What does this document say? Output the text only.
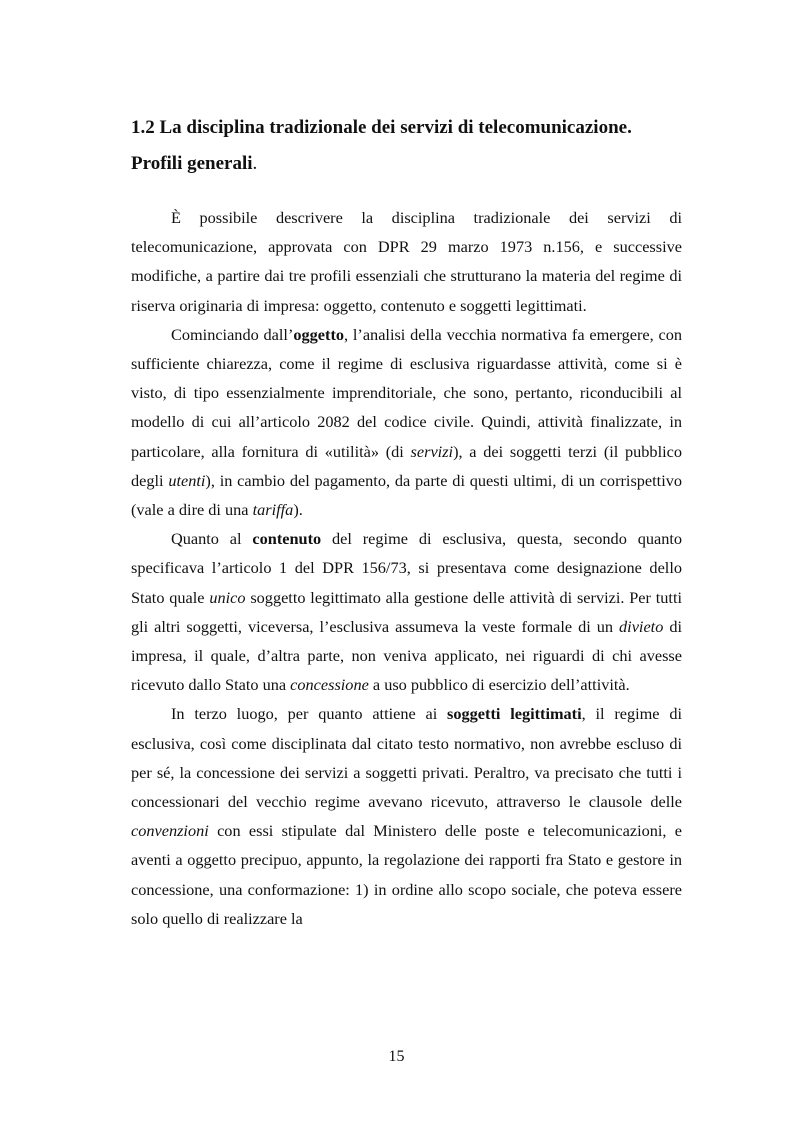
1.2 La disciplina tradizionale dei servizi di telecomunicazione. Profili generali.

È possibile descrivere la disciplina tradizionale dei servizi di telecomunicazione, approvata con DPR 29 marzo 1973 n.156, e successive modifiche, a partire dai tre profili essenziali che strutturano la materia del regime di riserva originaria di impresa: oggetto, contenuto e soggetti legittimati.

Cominciando dall’oggetto, l’analisi della vecchia normativa fa emergere, con sufficiente chiarezza, come il regime di esclusiva riguardasse attività, come si è visto, di tipo essenzialmente imprenditoriale, che sono, pertanto, riconducibili al modello di cui all’articolo 2082 del codice civile. Quindi, attività finalizzate, in particolare, alla fornitura di «utilità» (di servizi), a dei soggetti terzi (il pubblico degli utenti), in cambio del pagamento, da parte di questi ultimi, di un corrispettivo (vale a dire di una tariffa).

Quanto al contenuto del regime di esclusiva, questa, secondo quanto specificava l’articolo 1 del DPR 156/73, si presentava come designazione dello Stato quale unico soggetto legittimato alla gestione delle attività di servizi. Per tutti gli altri soggetti, viceversa, l’esclusiva assumeva la veste formale di un divieto di impresa, il quale, d’altra parte, non veniva applicato, nei riguardi di chi avesse ricevuto dallo Stato una concessione a uso pubblico di esercizio dell’attività.

In terzo luogo, per quanto attiene ai soggetti legittimati, il regime di esclusiva, così come disciplinata dal citato testo normativo, non avrebbe escluso di per sé, la concessione dei servizi a soggetti privati. Peraltro, va precisato che tutti i concessionari del vecchio regime avevano ricevuto, attraverso le clausole delle convenzioni con essi stipulate dal Ministero delle poste e telecomunicazioni, e aventi a oggetto precipuo, appunto, la regolazione dei rapporti fra Stato e gestore in concessione, una conformazione: 1) in ordine allo scopo sociale, che poteva essere solo quello di realizzare la

15
